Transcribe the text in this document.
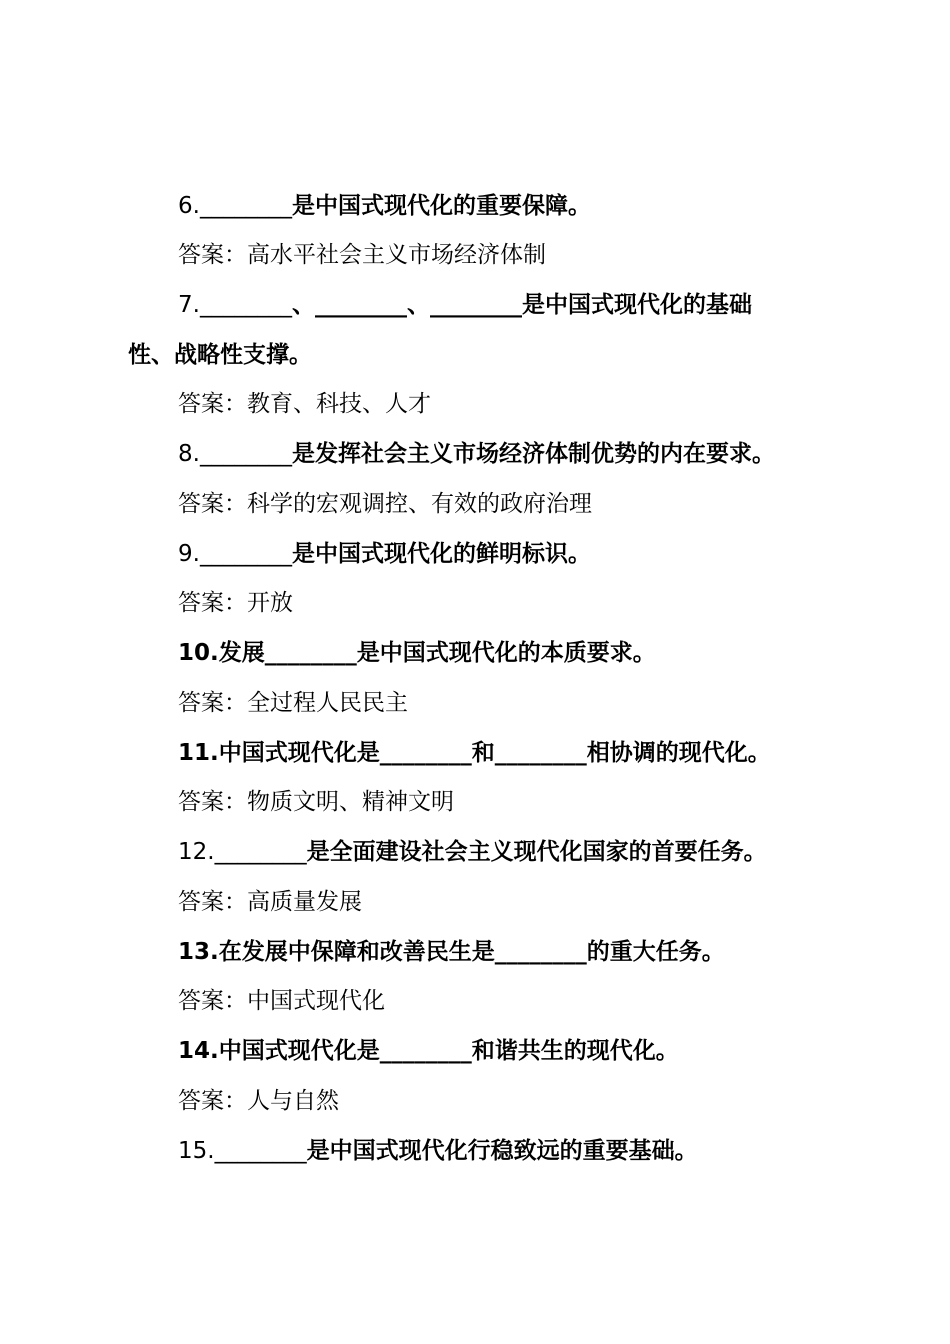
6.________是中国式现代化的重要保障。
答案：高水平社会主义市场经济体制
7.________、________、________是中国式现代化的基础
性、战略性支撑。
答案：教育、科技、人才
8.________是发挥社会主义市场经济体制优势的内在要求。
答案：科学的宏观调控、有效的政府治理
9.________是中国式现代化的鲜明标识。
答案：开放
10.发展________是中国式现代化的本质要求。
答案：全过程人民民主
11.中国式现代化是________和________相协调的现代化。
答案：物质文明、精神文明
12.________是全面建设社会主义现代化国家的首要任务。
答案：高质量发展
13.在发展中保障和改善民生是________的重大任务。
答案：中国式现代化
14.中国式现代化是________和谐共生的现代化。
答案：人与自然
15.________是中国式现代化行稳致远的重要基础。
